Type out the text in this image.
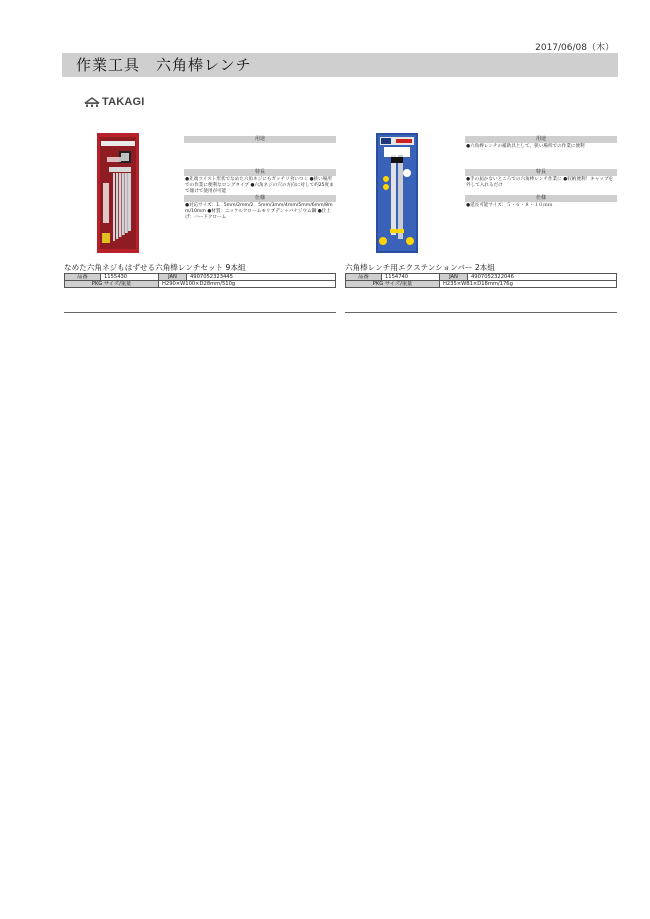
2017/06/08（木）
作業工具　六角棒レンチ
TAKAGI
用途
特長
●先端ツイスト形状でなめた六角ネジにもガッチリ食いつく ●狭い場所での作業に便利なロングタイプ ●六角ネジの穴の方向に対して約25度まで傾けて使用が可能
仕様
●対応サイズ：1．5mm/2mm/2．5mm/3mm/4mm/5mm/6mm/8mm/10mm ●材質：ニッケルクロームモリブデン＋バナジウム鋼 ●仕上げ：ハードクローム
なめた六角ネジもはずせる六角棒レンチセット 9本組
品番	1155430	JAN	4907052323445
PKG サイズ/重量		H290×W100×D28mm/510g	
用途
●六角棒レンチの補助具として、狭い場所での作業に便利
特長
●手の届かないところでの六角棒レンチ作業に ●収納便利！キャップを外して入れるだけ
仕様
●延長可能サイズ：５・６・８・１０ｍｍ
六角棒レンチ用エクステンションバー 2本組
品番	1154740	JAN	4907052322046
PKG サイズ/重量		H235×W81×D18mm/176g	
